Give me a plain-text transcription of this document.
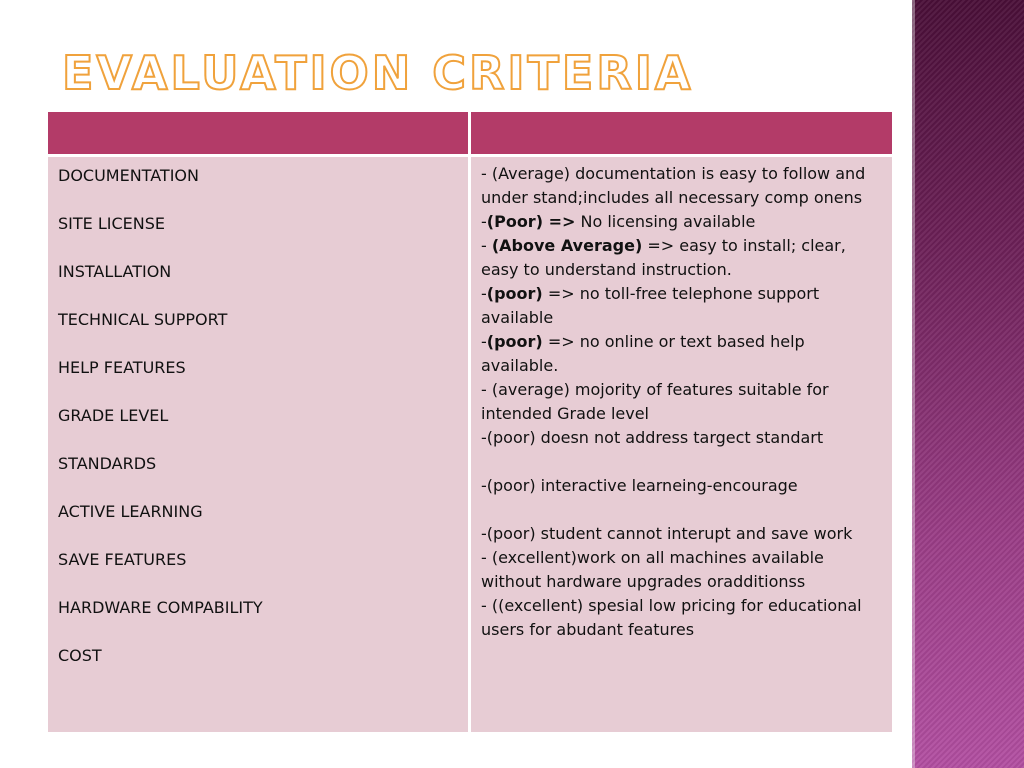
EVALUATION CRITERIA
DOCUMENTATION
SITE LICENSE
INSTALLATION
TECHNICAL SUPPORT
HELP FEATURES
GRADE LEVEL
STANDARDS
ACTIVE LEARNING
SAVE FEATURES
HARDWARE COMPABILITY
COST
- (Average) documentation is easy to follow and under stand;includes all necessary comp onens
-(Poor) => No licensing available
- (Above Average) => easy to install; clear, easy to understand instruction.
-(poor) => no toll-free telephone support available
-(poor) => no online or text based help available.
- (average) mojority of features suitable for intended Grade level
-(poor) doesn not address targect standart
-(poor) interactive learneing-encourage
-(poor) student cannot interupt and save work
- (excellent)work on all machines available without hardware upgrades oradditionss
- ((excellent) spesial low pricing for educational users for abudant features
